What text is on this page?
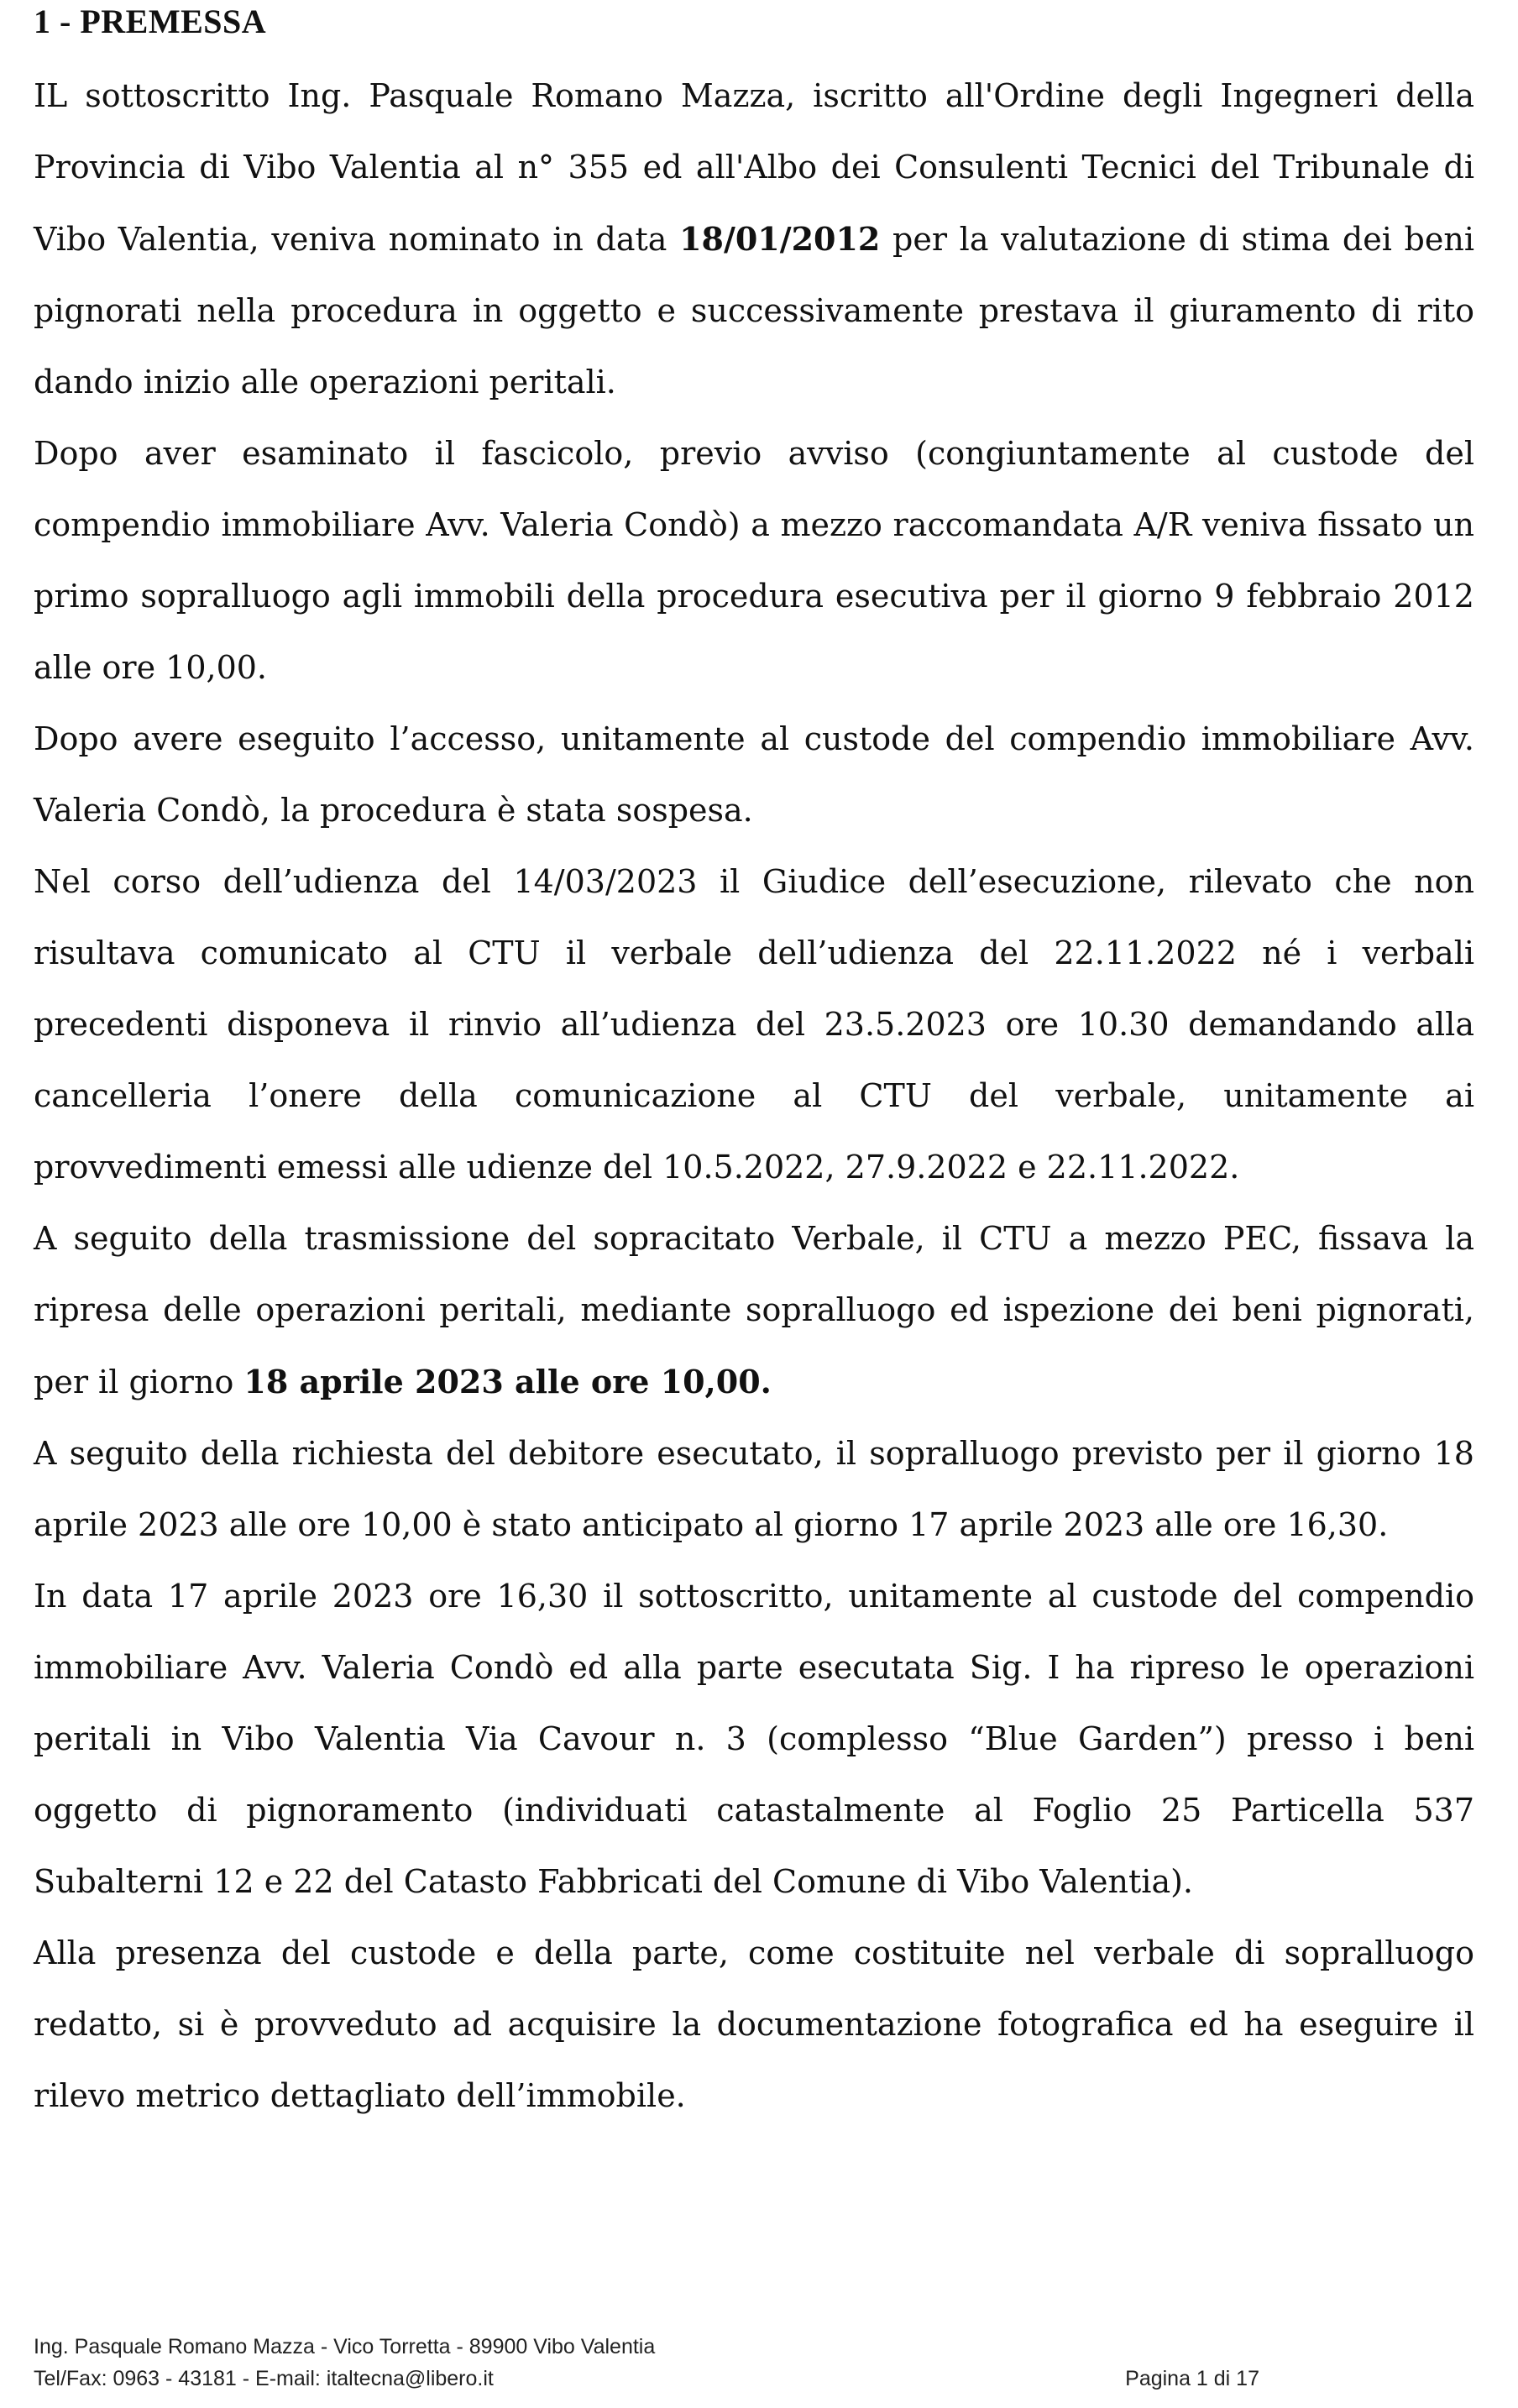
1 - PREMESSA

IL sottoscritto Ing. Pasquale Romano Mazza, iscritto all'Ordine degli Ingegneri della Provincia di Vibo Valentia al n° 355 ed all'Albo dei Consulenti Tecnici del Tribunale di Vibo Valentia, veniva nominato in data 18/01/2012 per la valutazione di stima dei beni pignorati nella procedura in oggetto e successivamente prestava il giuramento di rito dando inizio alle operazioni peritali.

Dopo aver esaminato il fascicolo, previo avviso (congiuntamente al custode del compendio immobiliare Avv. Valeria Condò) a mezzo raccomandata A/R veniva fissato un primo sopralluogo agli immobili della procedura esecutiva per il giorno 9 febbraio 2012 alle ore 10,00.

Dopo avere eseguito l’accesso, unitamente al custode del compendio immobiliare Avv. Valeria Condò, la procedura è stata sospesa.

Nel corso dell’udienza del 14/03/2023 il Giudice dell’esecuzione, rilevato che non risultava comunicato al CTU il verbale dell’udienza del 22.11.2022 né i verbali precedenti disponeva il rinvio all’udienza del 23.5.2023 ore 10.30 demandando alla cancelleria l’onere della comunicazione al CTU del verbale, unitamente ai provvedimenti emessi alle udienze del 10.5.2022, 27.9.2022 e 22.11.2022.

A seguito della trasmissione del sopracitato Verbale, il CTU a mezzo PEC, fissava la ripresa delle operazioni peritali, mediante sopralluogo ed ispezione dei beni pignorati, per il giorno 18 aprile 2023 alle ore 10,00.

A seguito della richiesta del debitore esecutato, il sopralluogo previsto per il giorno 18 aprile 2023 alle ore 10,00 è stato anticipato al giorno 17 aprile 2023 alle ore 16,30.

In data 17 aprile 2023 ore 16,30 il sottoscritto, unitamente al custode del compendio immobiliare Avv. Valeria Condò ed alla parte esecutata Sig. I ha ripreso le operazioni peritali in Vibo Valentia Via Cavour n. 3 (complesso “Blue Garden”) presso i beni oggetto di pignoramento (individuati catastalmente al Foglio 25 Particella 537 Subalterni 12 e 22 del Catasto Fabbricati del Comune di Vibo Valentia).

Alla presenza del custode e della parte, come costituite nel verbale di sopralluogo redatto, si è provveduto ad acquisire la documentazione fotografica ed ha eseguire il rilevo metrico dettagliato dell’immobile.

Ing. Pasquale Romano Mazza - Vico Torretta - 89900 Vibo Valentia
Tel/Fax: 0963 - 43181 - E-mail: italtecna@libero.it	Pagina 1 di 17
